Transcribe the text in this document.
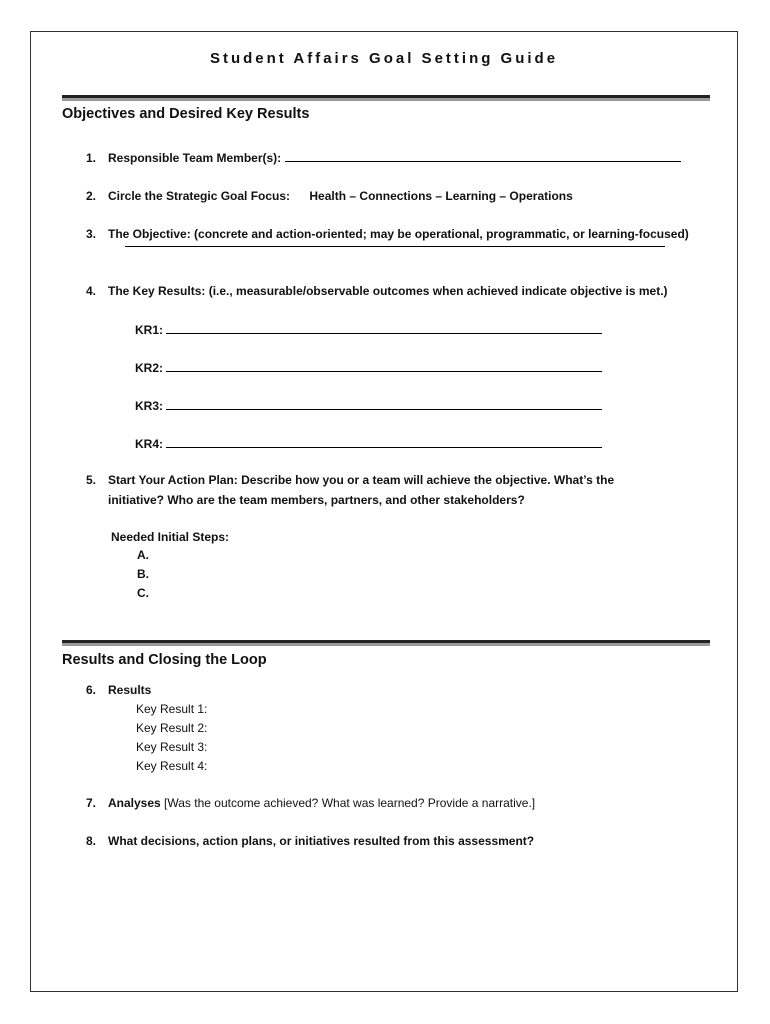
Student Affairs Goal Setting Guide
Objectives and Desired Key Results
1. Responsible Team Member(s):
2. Circle the Strategic Goal Focus: Health – Connections – Learning – Operations
3. The Objective: (concrete and action-oriented; may be operational, programmatic, or learning-focused)
4. The Key Results: (i.e., measurable/observable outcomes when achieved indicate objective is met.)
KR1:
KR2:
KR3:
KR4:
5. Start Your Action Plan: Describe how you or a team will achieve the objective. What’s the
initiative? Who are the team members, partners, and other stakeholders?
Needed Initial Steps:
A.
B.
C.
Results and Closing the Loop
6. Results
Key Result 1:
Key Result 2:
Key Result 3:
Key Result 4:
7. Analyses [Was the outcome achieved? What was learned? Provide a narrative.]
8. What decisions, action plans, or initiatives resulted from this assessment?
